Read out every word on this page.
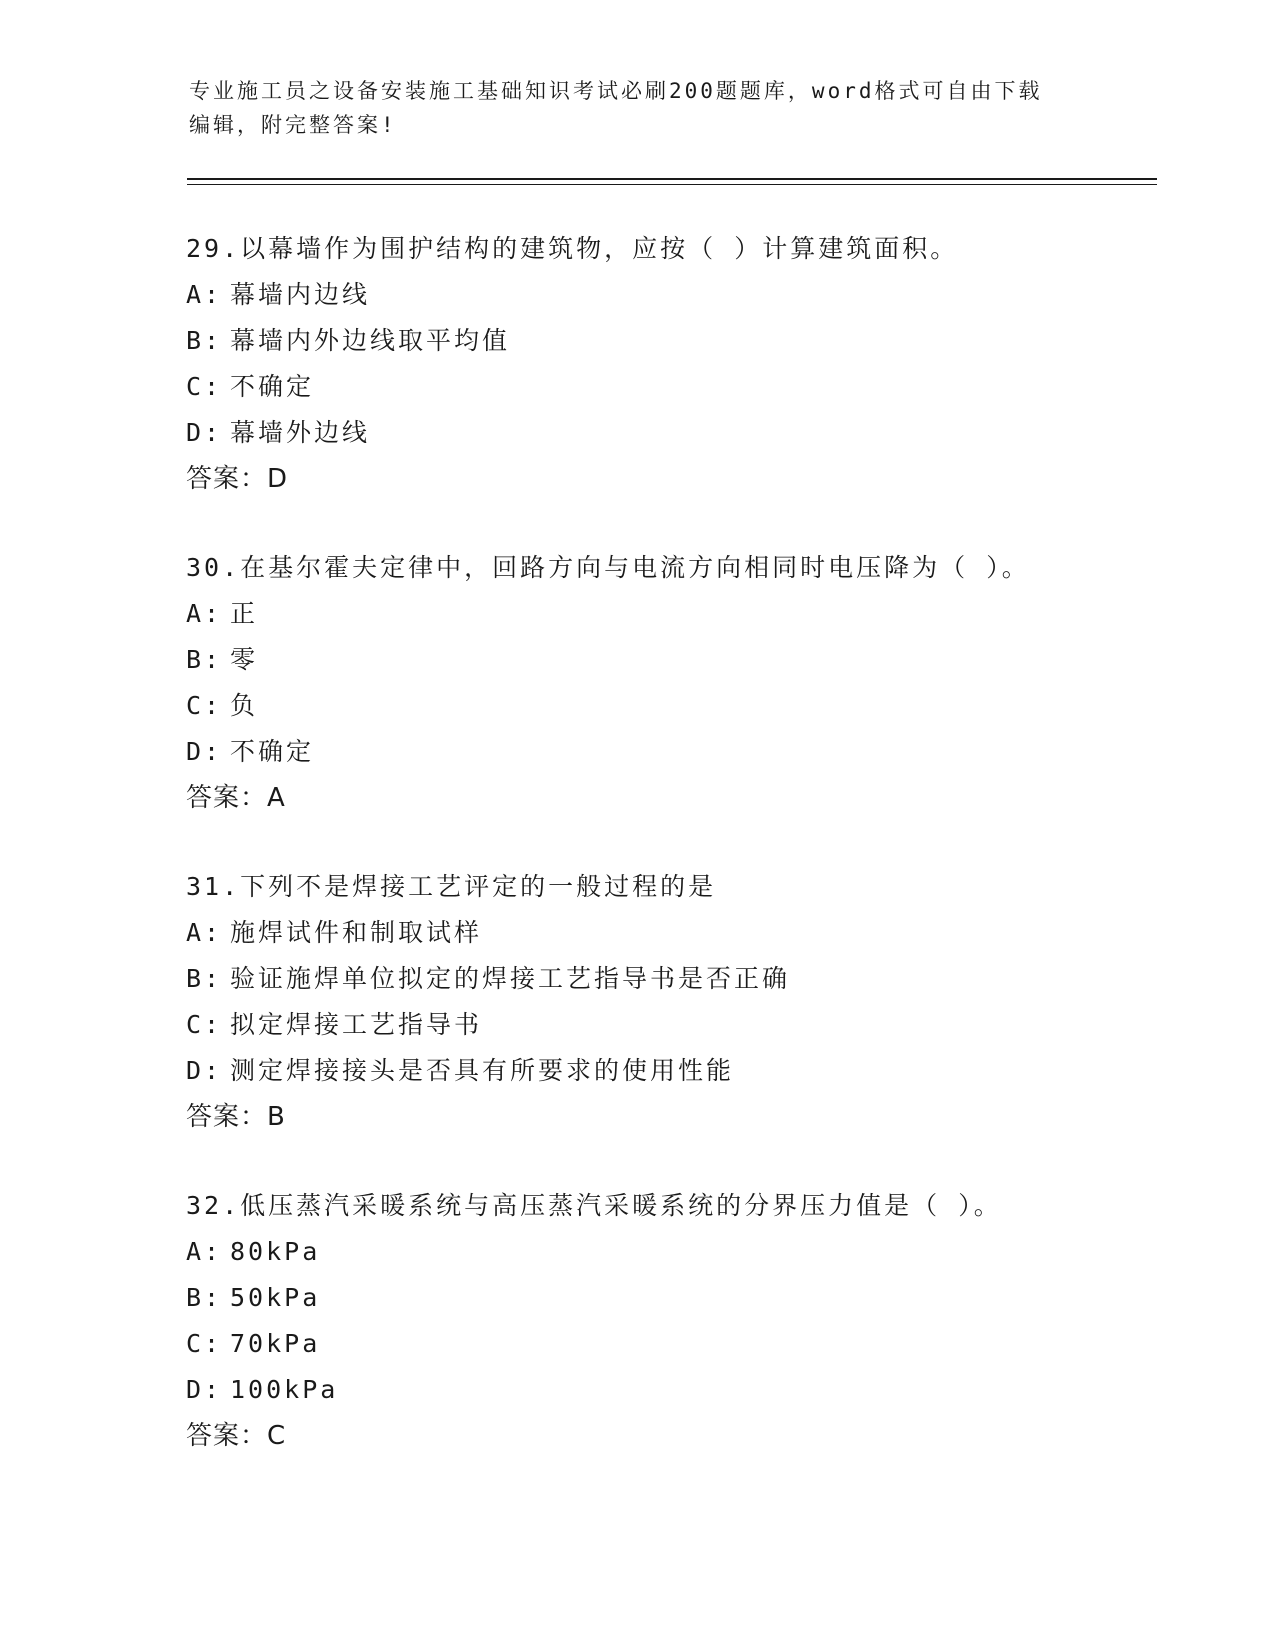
专业施工员之设备安装施工基础知识考试必刷200题题库，word格式可自由下载
编辑，附完整答案!
29.以幕墙作为围护结构的建筑物，应按（ ）计算建筑面积。
A: 幕墙内边线
B: 幕墙内外边线取平均值
C: 不确定
D: 幕墙外边线
答案：D
30.在基尔霍夫定律中，回路方向与电流方向相同时电压降为（ ）。
A: 正
B: 零
C: 负
D: 不确定
答案：A
31.下列不是焊接工艺评定的一般过程的是
A: 施焊试件和制取试样
B: 验证施焊单位拟定的焊接工艺指导书是否正确
C: 拟定焊接工艺指导书
D: 测定焊接接头是否具有所要求的使用性能
答案：B
32.低压蒸汽采暖系统与高压蒸汽采暖系统的分界压力值是（ ）。
A: 80kPa
B: 50kPa
C: 70kPa
D: 100kPa
答案：C
